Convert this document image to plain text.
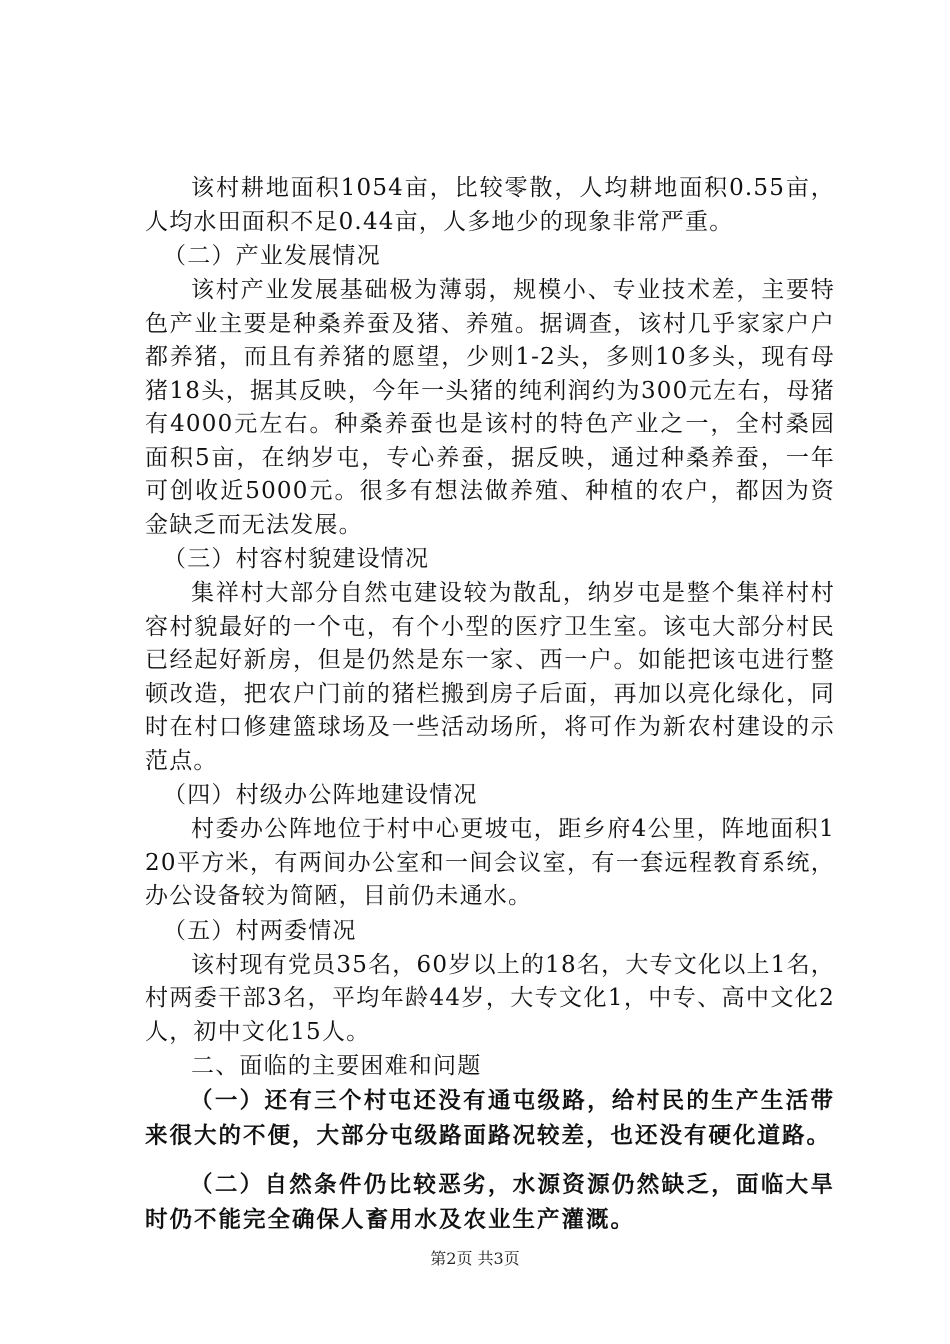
该村耕地面积1054亩，比较零散，人均耕地面积0.55亩，人均水田面积不足0.44亩，人多地少的现象非常严重。

（二）产业发展情况

该村产业发展基础极为薄弱，规模小、专业技术差，主要特色产业主要是种桑养蚕及猪、养殖。据调查，该村几乎家家户户都养猪，而且有养猪的愿望，少则1-2头，多则10多头，现有母猪18头，据其反映，今年一头猪的纯利润约为300元左右，母猪有4000元左右。种桑养蚕也是该村的特色产业之一，全村桑园面积5亩，在纳岁屯，专心养蚕，据反映，通过种桑养蚕，一年可创收近5000元。很多有想法做养殖、种植的农户，都因为资金缺乏而无法发展。

（三）村容村貌建设情况

集祥村大部分自然屯建设较为散乱，纳岁屯是整个集祥村村容村貌最好的一个屯，有个小型的医疗卫生室。该屯大部分村民已经起好新房，但是仍然是东一家、西一户。如能把该屯进行整顿改造，把农户门前的猪栏搬到房子后面，再加以亮化绿化，同时在村口修建篮球场及一些活动场所，将可作为新农村建设的示范点。

（四）村级办公阵地建设情况

村委办公阵地位于村中心更坡屯，距乡府4公里，阵地面积120平方米，有两间办公室和一间会议室，有一套远程教育系统，办公设备较为简陋，目前仍未通水。

（五）村两委情况

该村现有党员35名，60岁以上的18名，大专文化以上1名，村两委干部3名，平均年龄44岁，大专文化1，中专、高中文化2人，初中文化15人。

二、面临的主要困难和问题

（一）还有三个村屯还没有通屯级路，给村民的生产生活带来很大的不便，大部分屯级路面路况较差，也还没有硬化道路。

（二）自然条件仍比较恶劣，水源资源仍然缺乏，面临大旱时仍不能完全确保人畜用水及农业生产灌溉。

第2页 共3页
